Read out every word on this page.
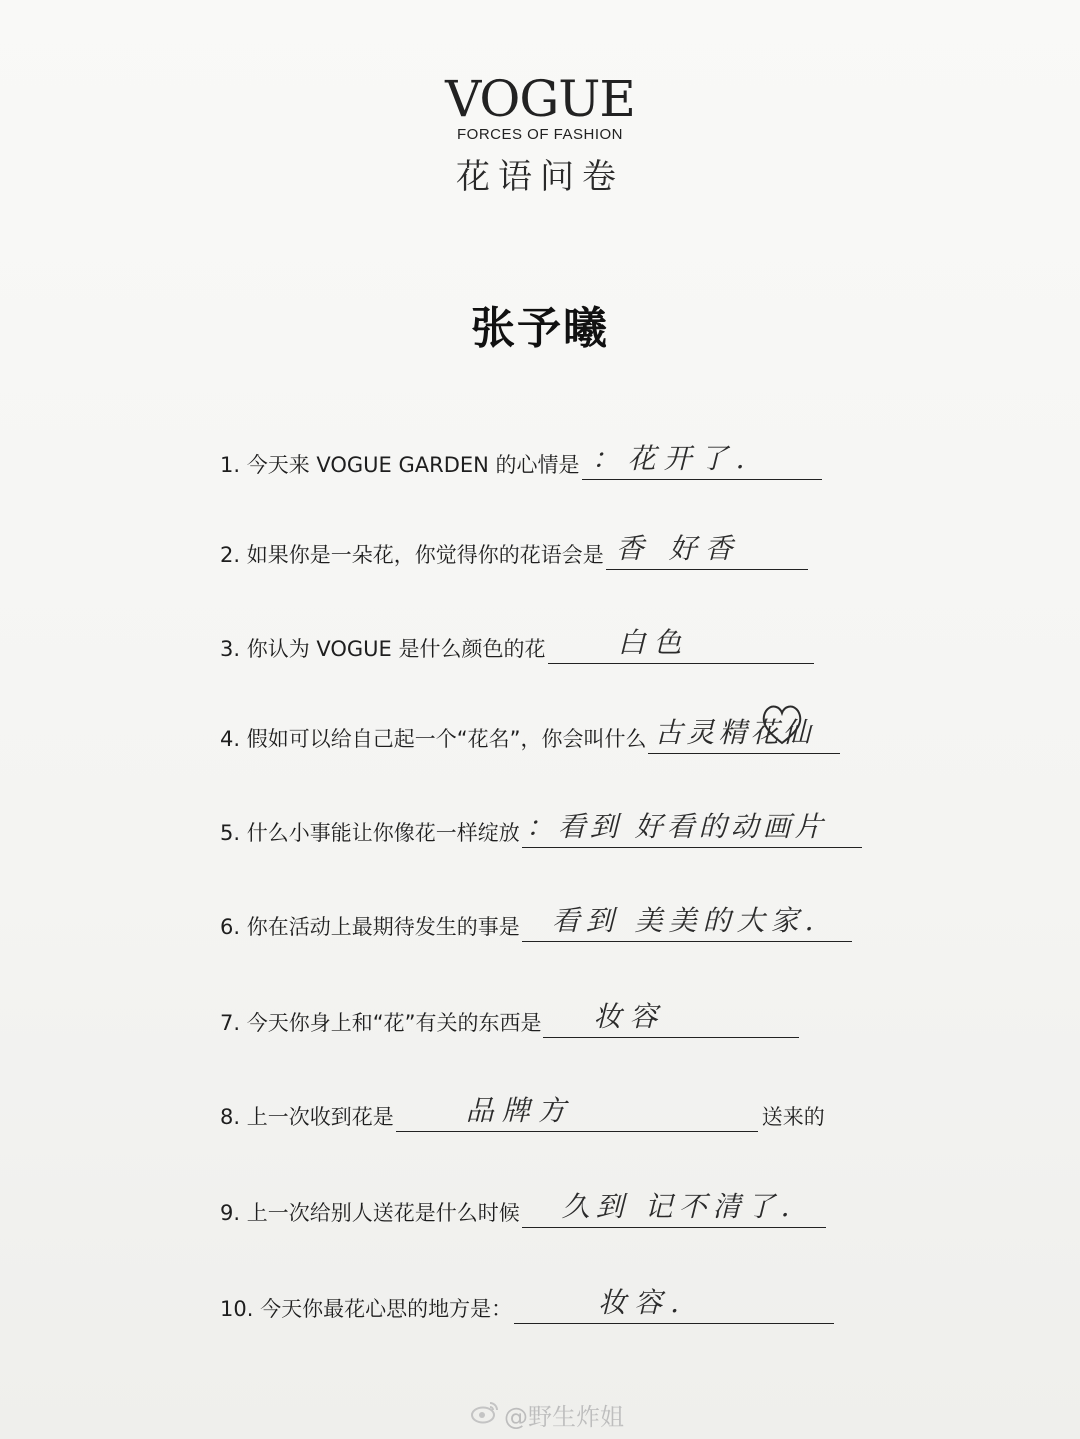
VOGUE
FORCES OF FASHION
花语问卷
张予曦
1. 今天来 VOGUE GARDEN 的心情是 ：花开了.
2. 如果你是一朵花，你觉得你的花语会是 香 好香
3. 你认为 VOGUE 是什么颜色的花	白色
4. 假如可以给自己起一个“花名”，你会叫什么 古灵精花仙
5. 什么小事能让你像花一样绽放 ：看到 好看的动画片
6. 你在活动上最期待发生的事是	看到 美美的大家.
7. 今天你身上和“花”有关的东西是	妆容
8. 上一次收到花是	品牌方	送来的
9. 上一次给别人送花是什么时候	久到 记不清了.
10. 今天你最花心思的地方是：	妆容.
@野生炸姐
